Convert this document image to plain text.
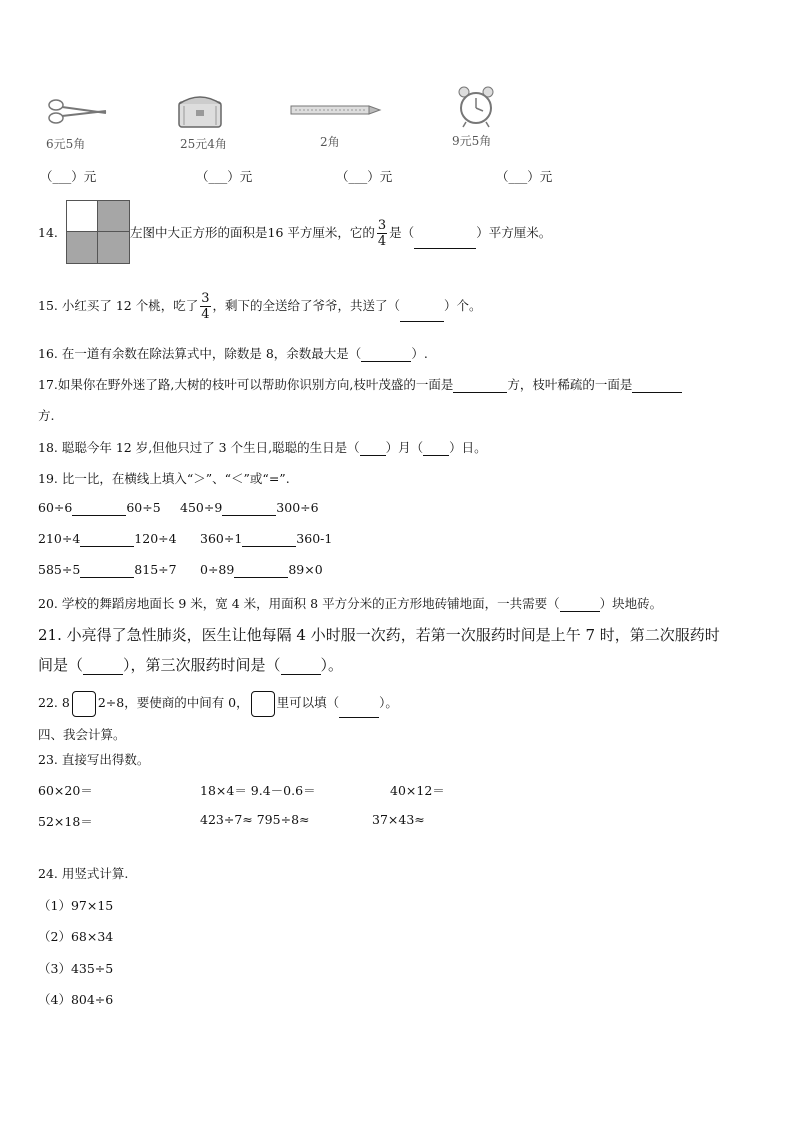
6元5角	25元4角	2角	9元5角
（___）元	（___）元	（___）元	（___）元
14.	左图中大正方形的面积是16 平方厘米，它的 $\frac{3}{4}$ 是（	）平方厘米。
15. 小红买了 12 个桃，吃了 $\frac{3}{4}$ ，剩下的全送给了爷爷，共送了（	）个。
16. 在一道有余数在除法算式中，除数是 8，余数最大是（	）.
17.如果你在野外迷了路,大树的枝叶可以帮助你识别方向,枝叶茂盛的一面是	方，枝叶稀疏的一面是
方.
18. 聪聪今年 12 岁,但他只过了 3 个生日,聪聪的生日是（ ）月（ ）日。
19. 比一比，在横线上填入“＞”、“＜”或“=”.
60÷6	60÷5 450÷9	300÷6
210÷4	120÷4 360÷1	360-1
585÷5	815÷7 0÷89	89×0
20. 学校的舞蹈房地面长 9 米，宽 4 米，用面积 8 平方分米的正方形地砖铺地面，一共需要（	）块地砖。
21. 小亮得了急性肺炎，医生让他每隔 4 小时服一次药，若第一次服药时间是上午 7 时，第二次服药时
间是（	），第三次服药时间是（	）。
22. 8 2÷8，要使商的中间有 0， 里可以填（	）。
四、我会计算。
23. 直接写出得数。
60×20＝	18×4＝ 9.4－0.6＝	40×12＝
52×18＝	423÷7≈ 795÷8≈	37×43≈
24. 用竖式计算.
（1）97×15
（2）68×34
（3）435÷5
（4）804÷6
